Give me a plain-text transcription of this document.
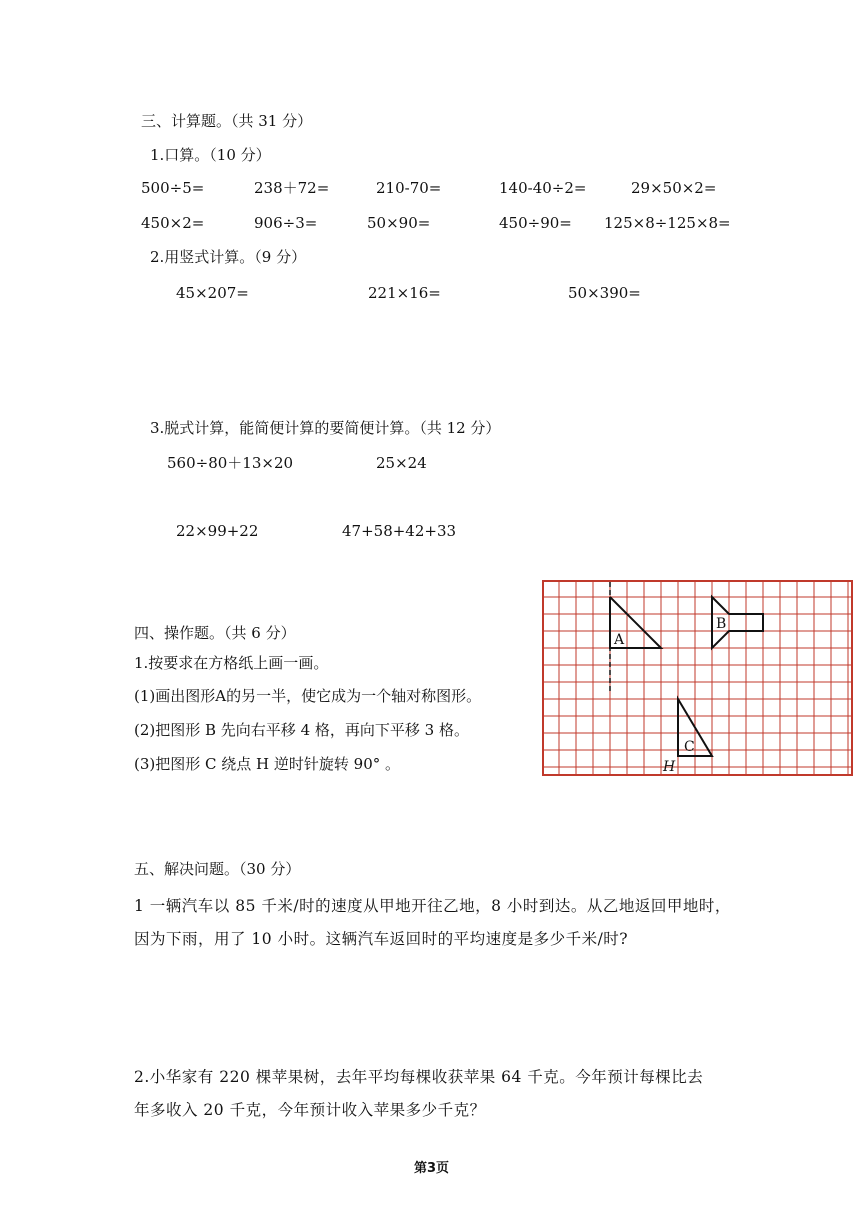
三、计算题。（共 31 分）
1.口算。（10 分）
500÷5=	238＋72=	210-70=	140-40÷2=	29×50×2=
450×2=	906÷3=	50×90=	450÷90= 125×8÷125×8=
2.用竖式计算。（9 分）
45×207=	221×16=	50×390=
3.脱式计算，能简便计算的要简便计算。（共 12 分）
560÷80＋13×20	25×24
22×99+22	47+58+42+33
四、操作题。（共 6 分）
1.按要求在方格纸上画一画。
(1)画出图形A的另一半，使它成为一个轴对称图形。
(2)把图形 B 先向右平移 4 格，再向下平移 3 格。
(3)把图形 C 绕点 H 逆时针旋转 90° 。
A
B
C
H
五、解决问题。（30 分）
1 一辆汽车以 85 千米/时的速度从甲地开往乙地，8 小时到达。从乙地返回甲地时，
因为下雨，用了 10 小时。这辆汽车返回时的平均速度是多少千米/时?
2.小华家有 220 棵苹果树，去年平均每棵收获苹果 64 千克。今年预计每棵比去
年多收入 20 千克，今年预计收入苹果多少千克？
第3页
